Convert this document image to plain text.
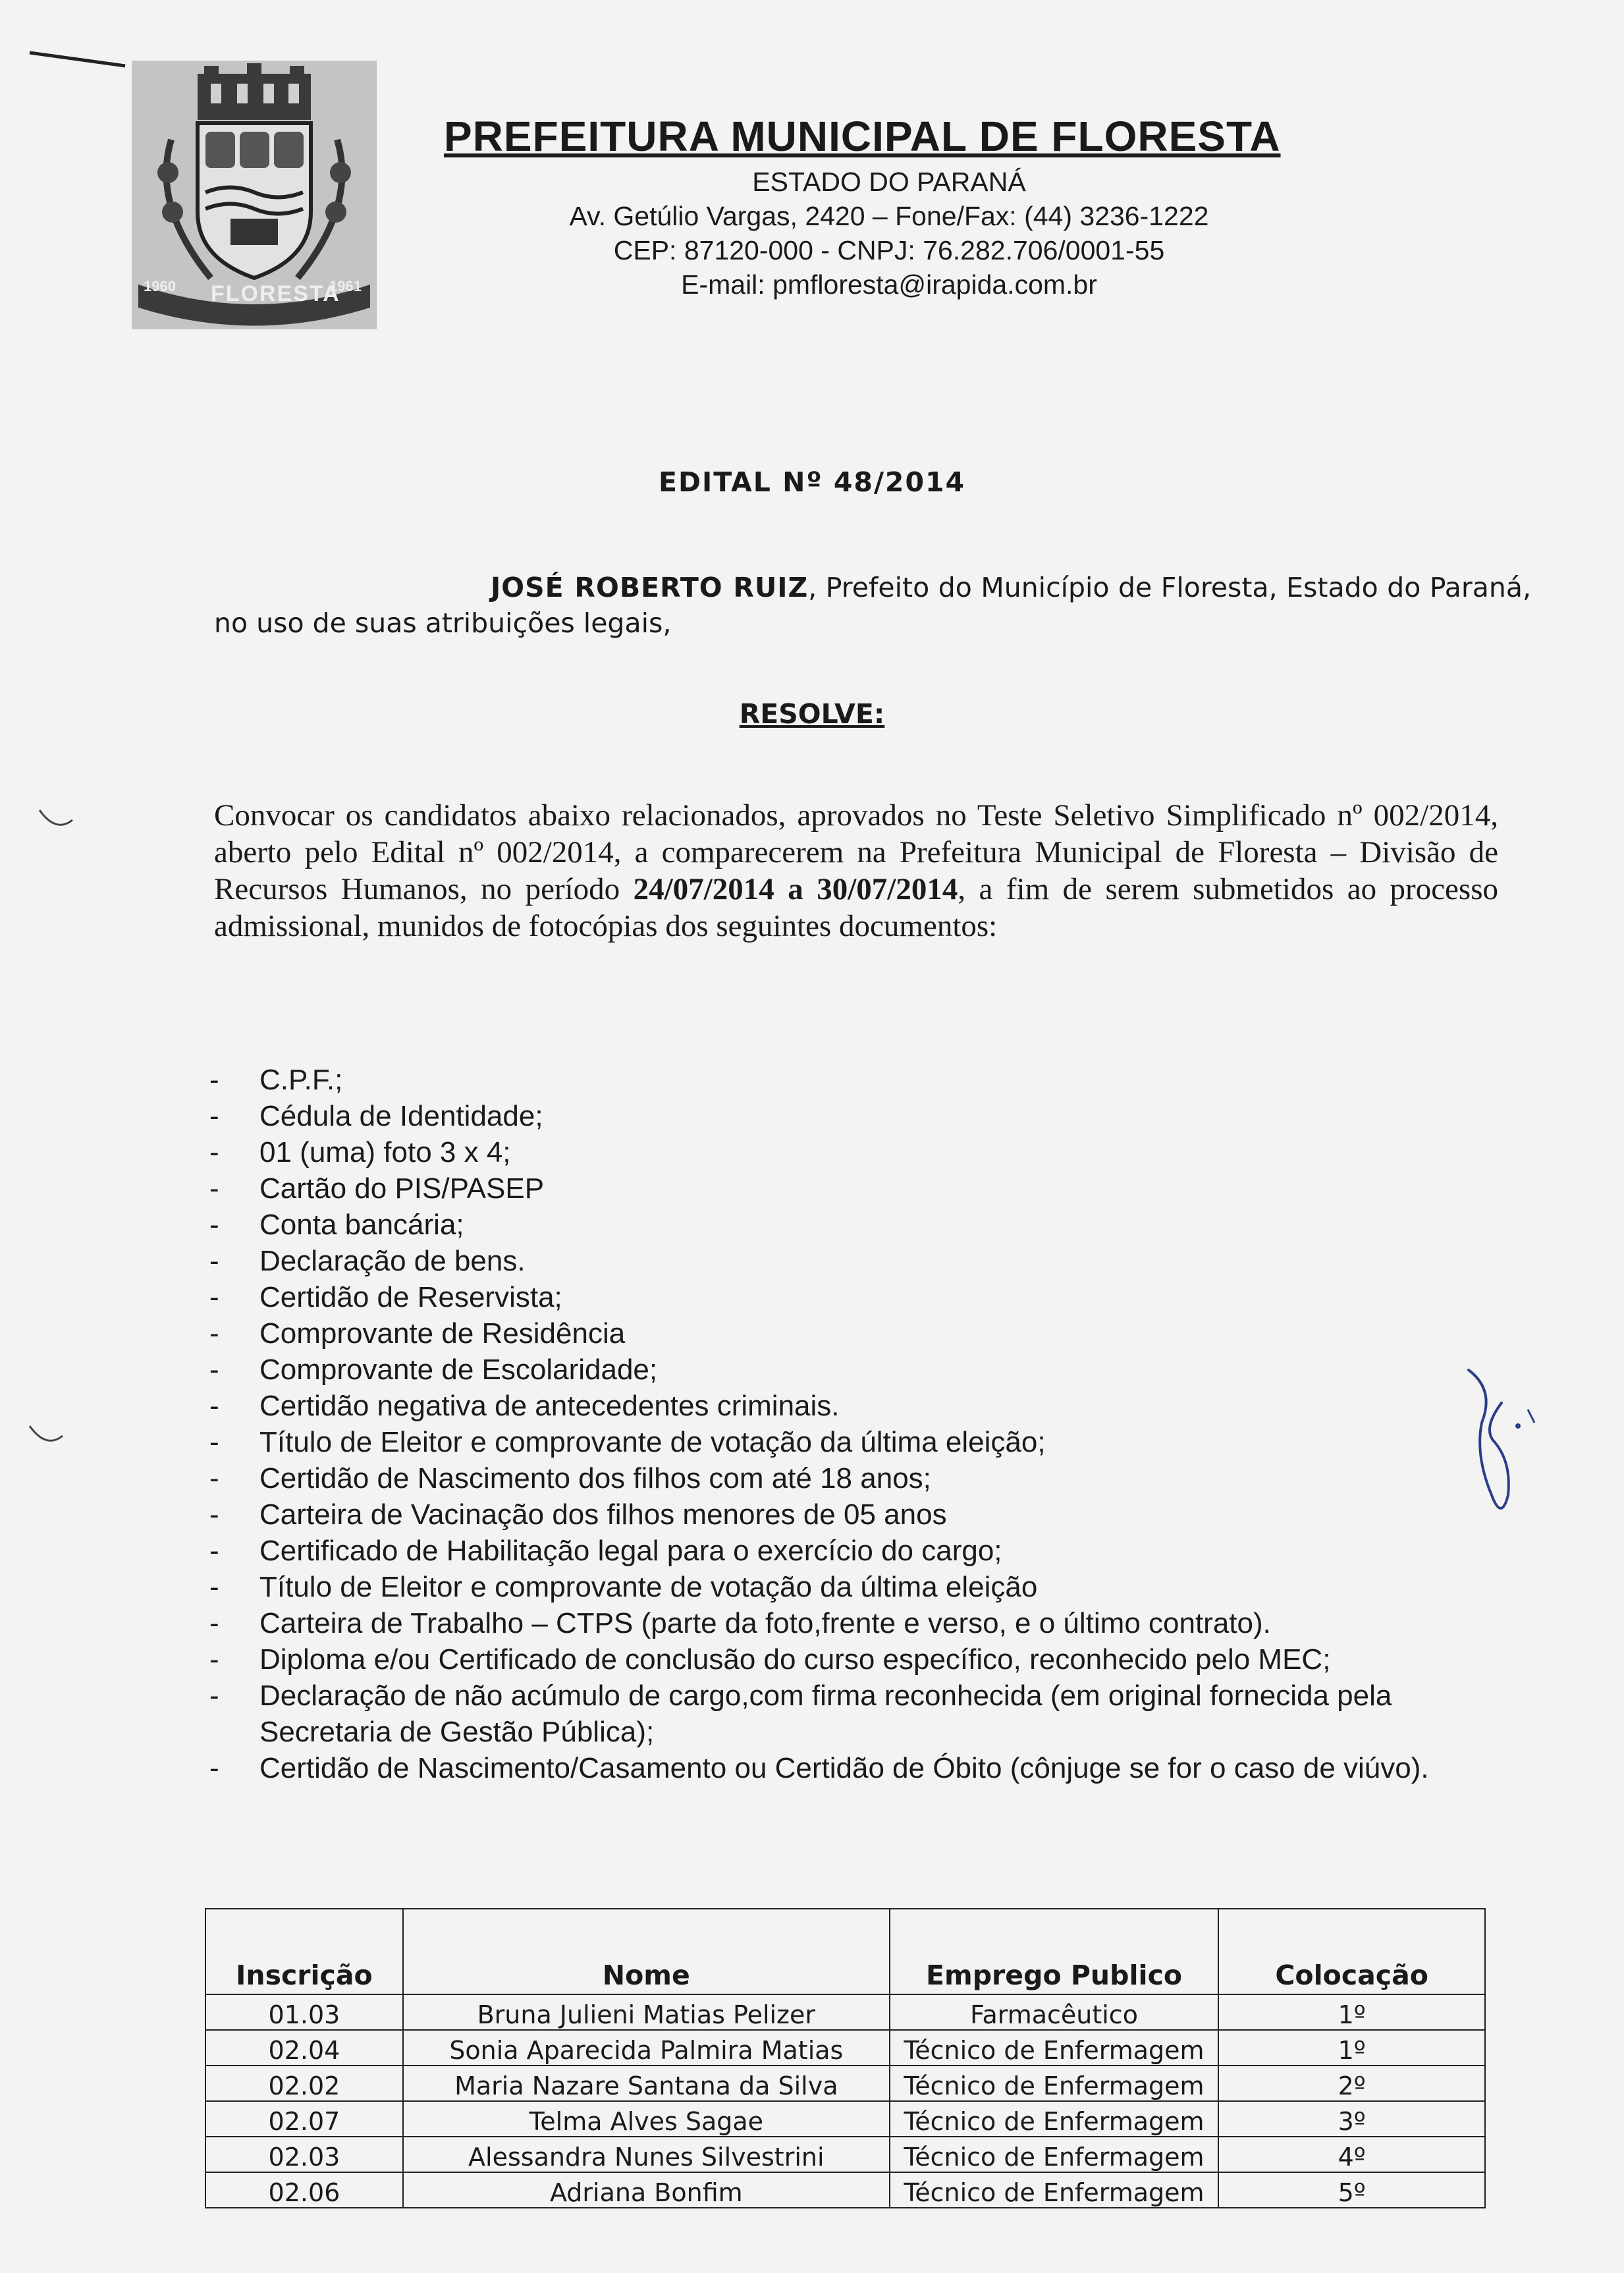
FLORESTA
1960	1961

PREFEITURA MUNICIPAL DE FLORESTA

ESTADO DO PARANÁ

Av. Getúlio Vargas, 2420 – Fone/Fax: (44) 3236-1222

CEP: 87120-000 - CNPJ: 76.282.706/0001-55

E-mail: pmfloresta@irapida.com.br

EDITAL Nº 48/2014

JOSÉ ROBERTO RUIZ, Prefeito do Município de Floresta, Estado do Paraná, no uso de suas atribuições legais,

RESOLVE:

Convocar os candidatos abaixo relacionados, aprovados no Teste Seletivo Simplificado nº 002/2014, aberto pelo Edital nº 002/2014, a comparecerem na Prefeitura Municipal de Floresta – Divisão de Recursos Humanos, no período 24/07/2014 a 30/07/2014, a fim de serem submetidos ao processo admissional, munidos de fotocópias dos seguintes documentos:

-	C.P.F.;
-	Cédula de Identidade;
-	01 (uma) foto 3 x 4;
-	Cartão do PIS/PASEP
-	Conta bancária;
-	Declaração de bens.
-	Certidão de Reservista;
-	Comprovante de Residência
-	Comprovante de Escolaridade;
-	Certidão negativa de antecedentes criminais.
-	Título de Eleitor e comprovante de votação da última eleição;
-	Certidão de Nascimento dos filhos com até 18 anos;
-	Carteira de Vacinação dos filhos menores de 05 anos
-	Certificado de Habilitação legal para o exercício do cargo;
-	Título de Eleitor e comprovante de votação da última eleição
-	Carteira de Trabalho – CTPS (parte da foto,frente e verso, e o último contrato).
-	Diploma e/ou Certificado de conclusão do curso específico, reconhecido pelo MEC;
-	Declaração de não acúmulo de cargo,com firma reconhecida (em original fornecida pela Secretaria de Gestão Pública);
-	Certidão de Nascimento/Casamento ou Certidão de Óbito (cônjuge se for o caso de viúvo).
Inscrição	Nome	Emprego Publico	Colocação
01.03	Bruna Julieni Matias Pelizer	Farmacêutico	1º
02.04	Sonia Aparecida Palmira Matias	Técnico de Enfermagem	1º
02.02	Maria Nazare Santana da Silva	Técnico de Enfermagem	2º
02.07	Telma Alves Sagae	Técnico de Enfermagem	3º
02.03	Alessandra Nunes Silvestrini	Técnico de Enfermagem	4º
02.06	Adriana Bonfim	Técnico de Enfermagem	5º
